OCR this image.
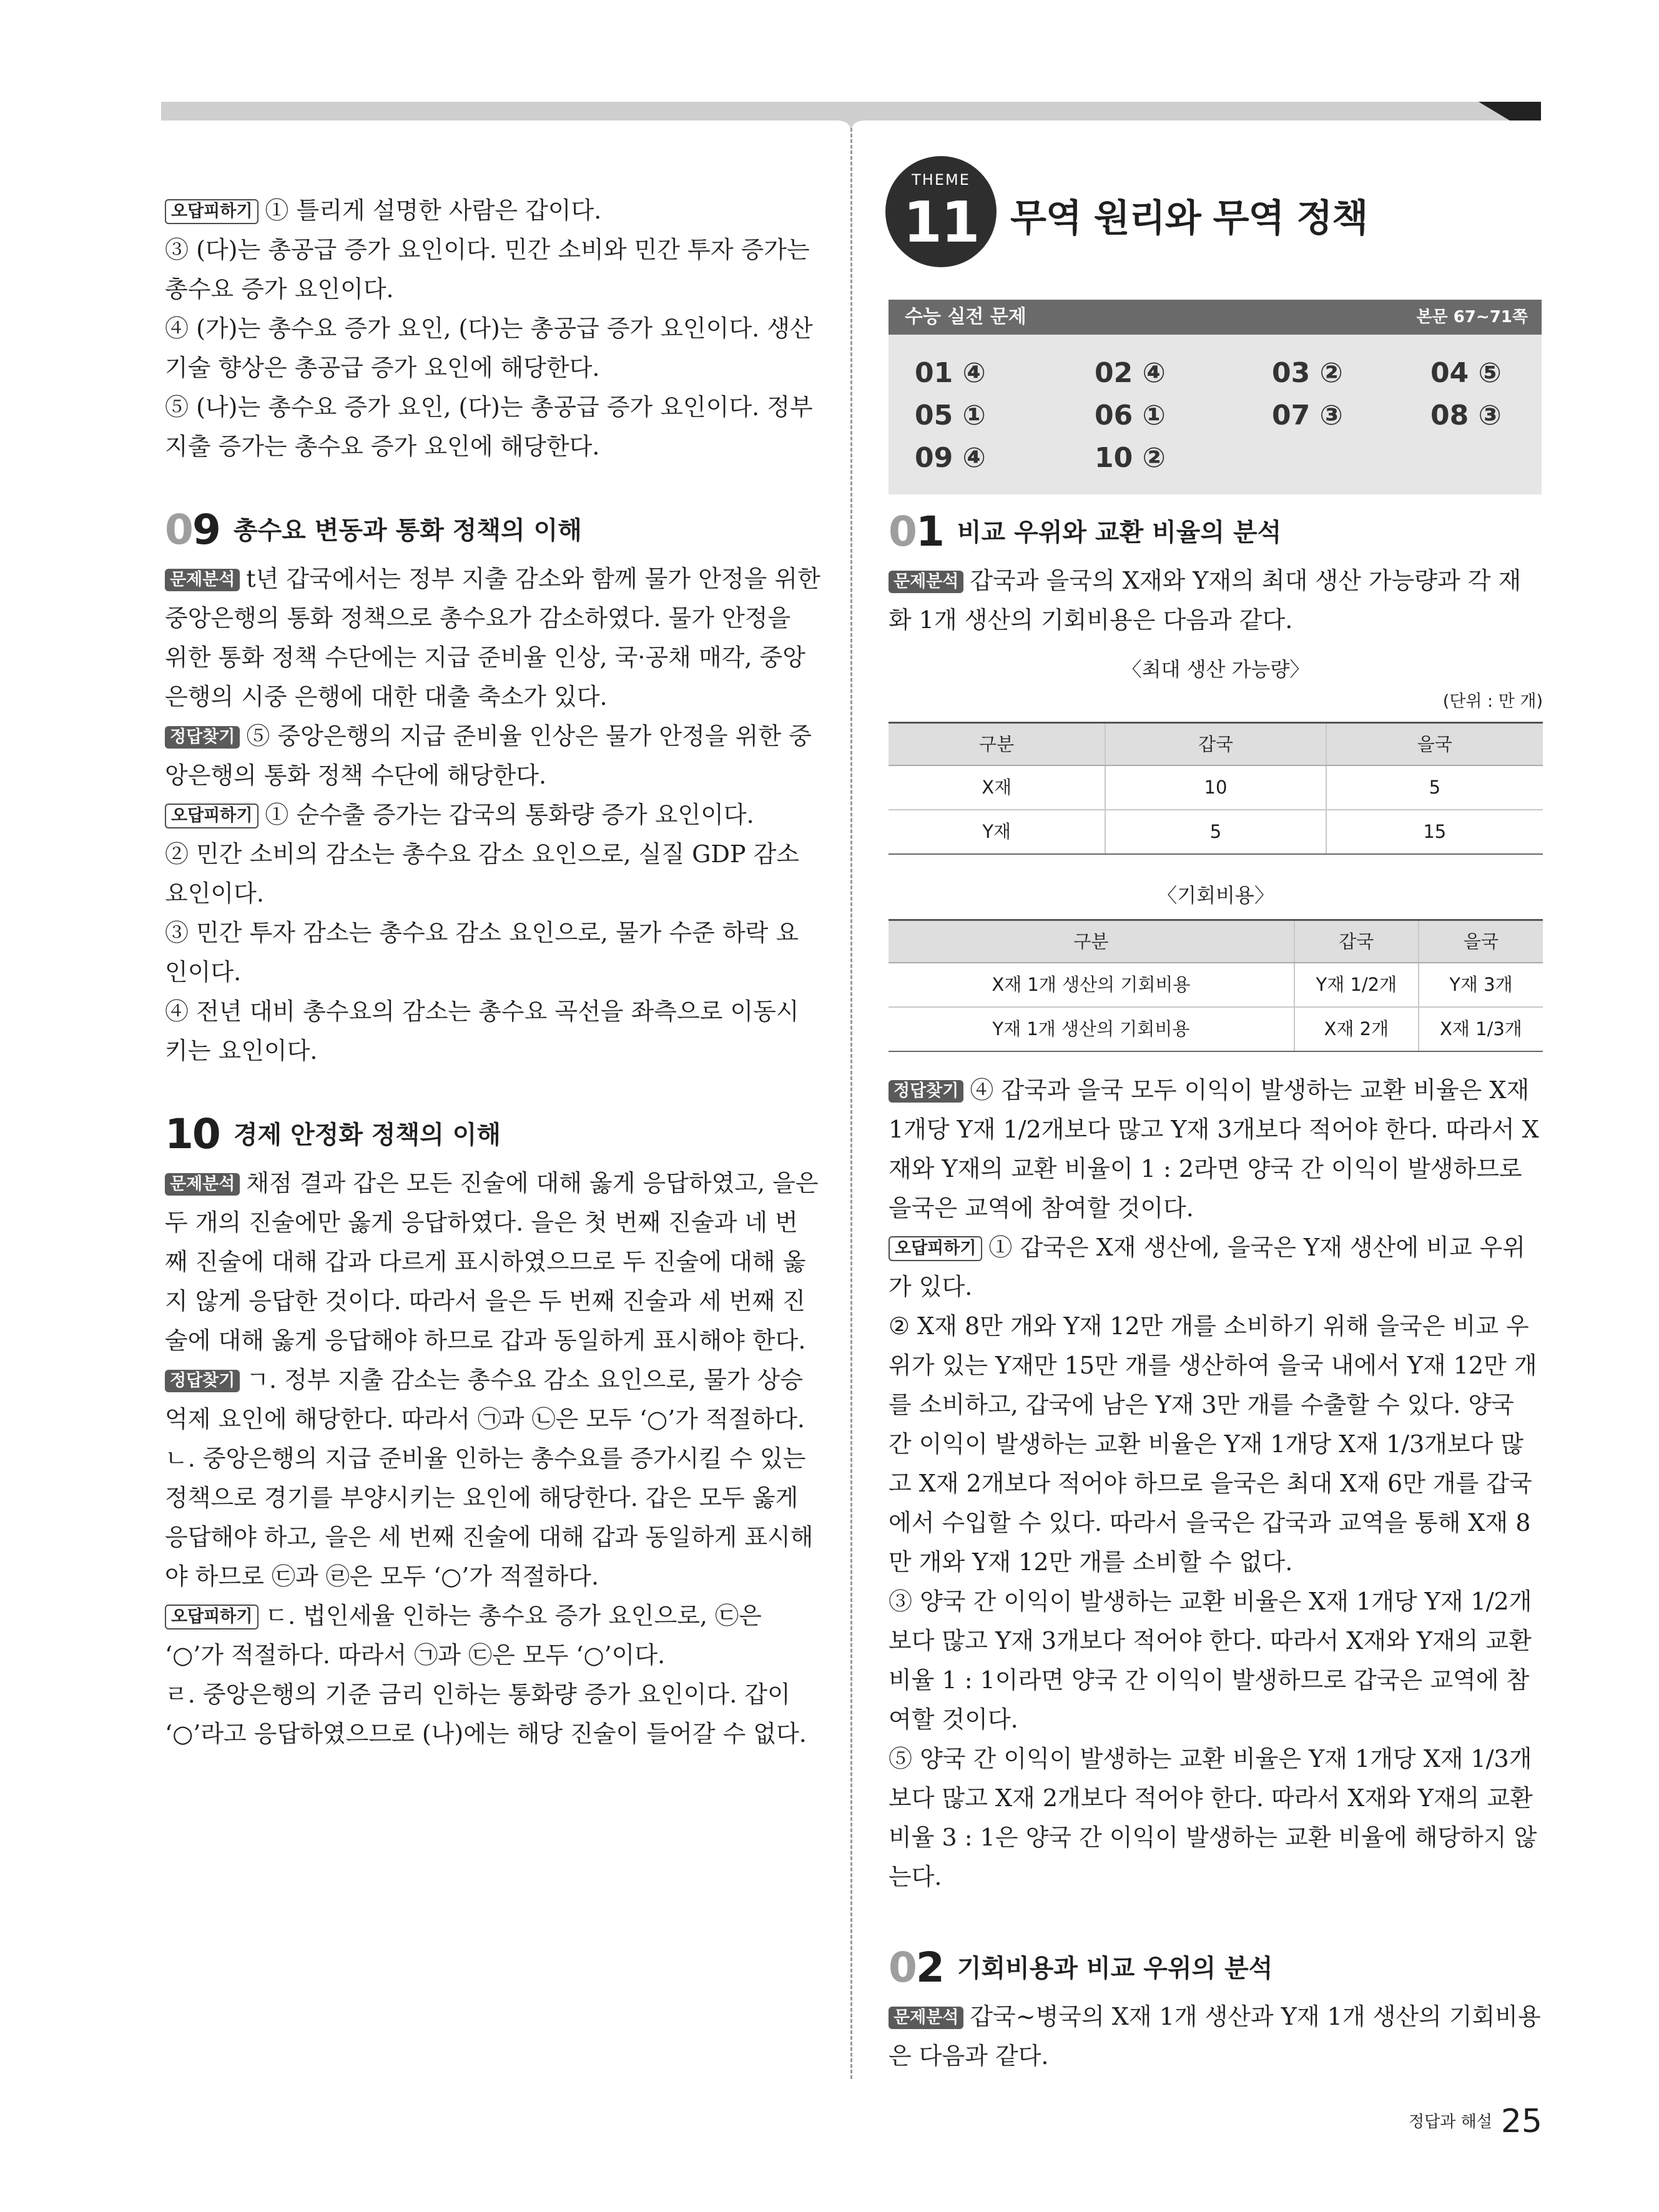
오답피하기 ① 틀리게 설명한 사람은 갑이다.

③ (다)는 총공급 증가 요인이다. 민간 소비와 민간 투자 증가는 총수요 증가 요인이다.

④ (가)는 총수요 증가 요인, (다)는 총공급 증가 요인이다. 생산 기술 향상은 총공급 증가 요인에 해당한다.

⑤ (나)는 총수요 증가 요인, (다)는 총공급 증가 요인이다. 정부 지출 증가는 총수요 증가 요인에 해당한다.

09 총수요 변동과 통화 정책의 이해

문제분석 t년 갑국에서는 정부 지출 감소와 함께 물가 안정을 위한 중앙은행의 통화 정책으로 총수요가 감소하였다. 물가 안정을 위한 통화 정책 수단에는 지급 준비율 인상, 국·공채 매각, 중앙은행의 시중 은행에 대한 대출 축소가 있다.

정답찾기 ⑤ 중앙은행의 지급 준비율 인상은 물가 안정을 위한 중앙은행의 통화 정책 수단에 해당한다.

오답피하기 ① 순수출 증가는 갑국의 통화량 증가 요인이다.

② 민간 소비의 감소는 총수요 감소 요인으로, 실질 GDP 감소 요인이다.

③ 민간 투자 감소는 총수요 감소 요인으로, 물가 수준 하락 요인이다.

④ 전년 대비 총수요의 감소는 총수요 곡선을 좌측으로 이동시키는 요인이다.

10 경제 안정화 정책의 이해

문제분석 채점 결과 갑은 모든 진술에 대해 옳게 응답하였고, 을은 두 개의 진술에만 옳게 응답하였다. 을은 첫 번째 진술과 네 번째 진술에 대해 갑과 다르게 표시하였으므로 두 진술에 대해 옳지 않게 응답한 것이다. 따라서 을은 두 번째 진술과 세 번째 진술에 대해 옳게 응답해야 하므로 갑과 동일하게 표시해야 한다.

정답찾기 ㄱ. 정부 지출 감소는 총수요 감소 요인으로, 물가 상승 억제 요인에 해당한다. 따라서 ㉠과 ㉡은 모두 ‘○’가 적절하다.

ㄴ. 중앙은행의 지급 준비율 인하는 총수요를 증가시킬 수 있는 정책으로 경기를 부양시키는 요인에 해당한다. 갑은 모두 옳게 응답해야 하고, 을은 세 번째 진술에 대해 갑과 동일하게 표시해야 하므로 ㉢과 ㉣은 모두 ‘○’가 적절하다.

오답피하기 ㄷ. 법인세율 인하는 총수요 증가 요인으로, ㉢은 ‘○’가 적절하다. 따라서 ㉠과 ㉢은 모두 ‘○’이다.

ㄹ. 중앙은행의 기준 금리 인하는 통화량 증가 요인이다. 갑이 ‘○’라고 응답하였으므로 (나)에는 해당 진술이 들어갈 수 없다.

THEME
11 무역 원리와 무역 정책
수능 실전 문제	본문 67~71쪽
01 ④	02 ④	03 ②	04 ⑤
05 ①	06 ①	07 ③	08 ③
09 ④	10 ②
01 비교 우위와 교환 비율의 분석

문제분석 갑국과 을국의 X재와 Y재의 최대 생산 가능량과 각 재화 1개 생산의 기회비용은 다음과 같다.

〈최대 생산 가능량〉
(단위 : 만 개)
구분	갑국	을국
X재	10	5
Y재	5	15
〈기회비용〉
구분	갑국	을국
X재 1개 생산의 기회비용	Y재 1/2개	Y재 3개
Y재 1개 생산의 기회비용	X재 2개	X재 1/3개

정답찾기 ④ 갑국과 을국 모두 이익이 발생하는 교환 비율은 X재 1개당 Y재 1/2개보다 많고 Y재 3개보다 적어야 한다. 따라서 X재와 Y재의 교환 비율이 1 : 2라면 양국 간 이익이 발생하므로 을국은 교역에 참여할 것이다.

오답피하기 ① 갑국은 X재 생산에, 을국은 Y재 생산에 비교 우위가 있다.

② X재 8만 개와 Y재 12만 개를 소비하기 위해 을국은 비교 우위가 있는 Y재만 15만 개를 생산하여 을국 내에서 Y재 12만 개를 소비하고, 갑국에 남은 Y재 3만 개를 수출할 수 있다. 양국 간 이익이 발생하는 교환 비율은 Y재 1개당 X재 1/3개보다 많고 X재 2개보다 적어야 하므로 을국은 최대 X재 6만 개를 갑국에서 수입할 수 있다. 따라서 을국은 갑국과 교역을 통해 X재 8만 개와 Y재 12만 개를 소비할 수 없다.

③ 양국 간 이익이 발생하는 교환 비율은 X재 1개당 Y재 1/2개보다 많고 Y재 3개보다 적어야 한다. 따라서 X재와 Y재의 교환 비율 1 : 1이라면 양국 간 이익이 발생하므로 갑국은 교역에 참여할 것이다.

⑤ 양국 간 이익이 발생하는 교환 비율은 Y재 1개당 X재 1/3개보다 많고 X재 2개보다 적어야 한다. 따라서 X재와 Y재의 교환 비율 3 : 1은 양국 간 이익이 발생하는 교환 비율에 해당하지 않는다.

02 기회비용과 비교 우위의 분석

문제분석 갑국~병국의 X재 1개 생산과 Y재 1개 생산의 기회비용은 다음과 같다.

정답과 해설 25
